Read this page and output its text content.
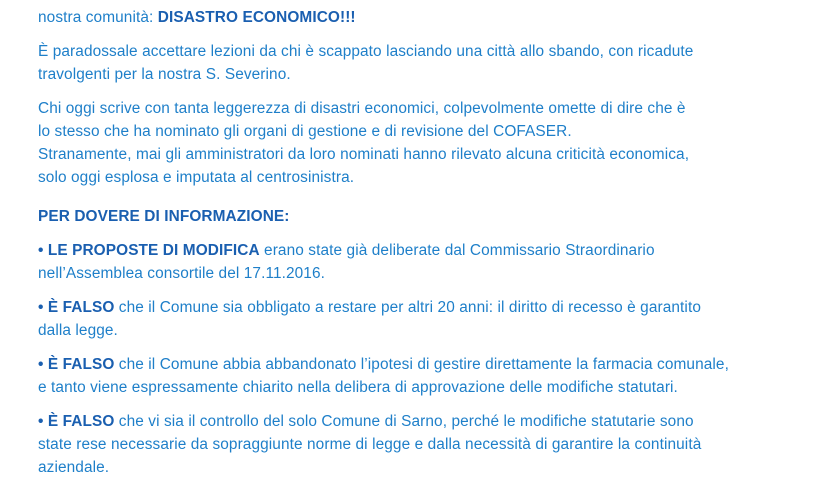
nostra comunità: DISASTRO ECONOMICO!!!

È paradossale accettare lezioni da chi è scappato lasciando una città allo sbando, con ricadute
travolgenti per la nostra S. Severino.

Chi oggi scrive con tanta leggerezza di disastri economici, colpevolmente omette di dire che è
lo stesso che ha nominato gli organi di gestione e di revisione del COFASER.
Stranamente, mai gli amministratori da loro nominati hanno rilevato alcuna criticità economica,
solo oggi esplosa e imputata al centrosinistra.

PER DOVERE DI INFORMAZIONE:

• LE PROPOSTE DI MODIFICA erano state già deliberate dal Commissario Straordinario
nell’Assemblea consortile del 17.11.2016.

• È FALSO che il Comune sia obbligato a restare per altri 20 anni: il diritto di recesso è garantito
dalla legge.

• È FALSO che il Comune abbia abbandonato l’ipotesi di gestire direttamente la farmacia comunale,
e tanto viene espressamente chiarito nella delibera di approvazione delle modifiche statutari.

• È FALSO che vi sia il controllo del solo Comune di Sarno, perché le modifiche statutarie sono
state rese necessarie da sopraggiunte norme di legge e dalla necessità di garantire la continuità
aziendale.
